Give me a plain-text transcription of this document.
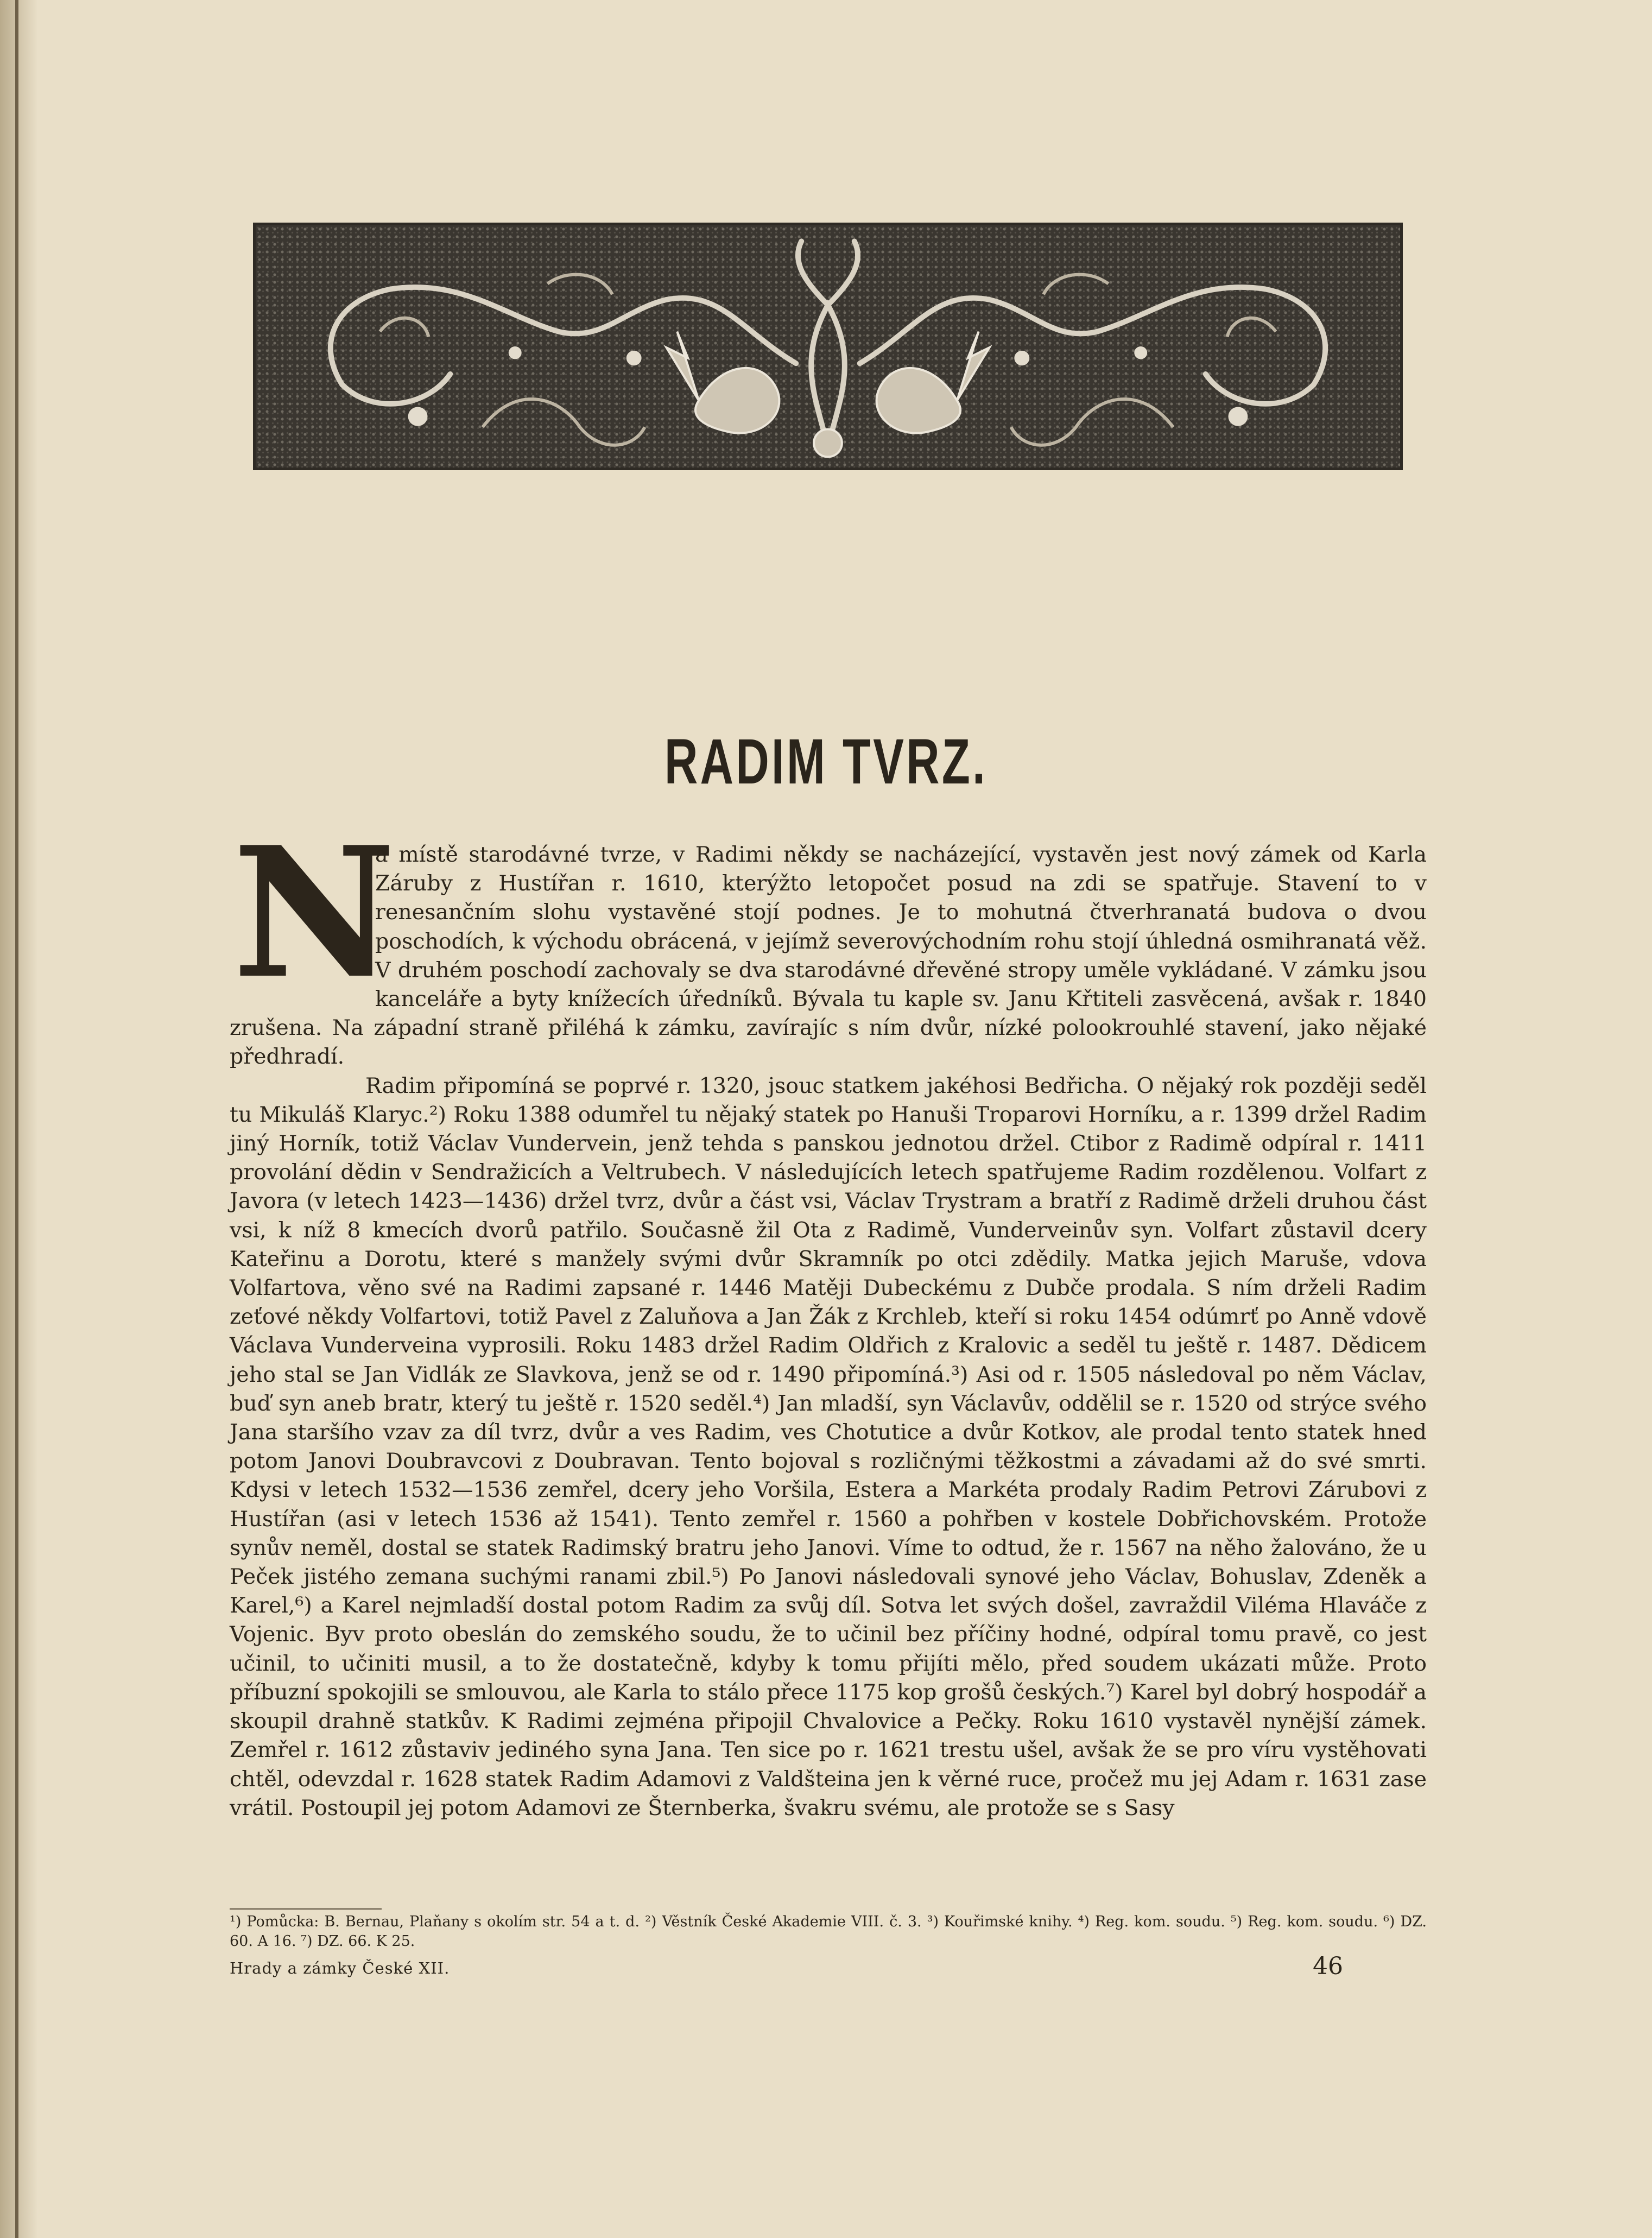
RADIM TVRZ.
N

a místě starodávné tvrze, v Radimi někdy se nacházející, vystavěn jest nový zámek od Karla Záruby z Hustířan r. 1610, kterýžto letopočet posud na zdi se spatřuje. Stavení to v renesančním slohu vystavěné stojí podnes. Je to mohutná čtverhranatá budova o dvou poschodích, k východu obrácená, v jejímž severovýchodním rohu stojí úhledná osmihranatá věž. V druhém poschodí zachovaly se dva starodávné dřevěné stropy uměle vykládané. V zámku jsou kanceláře a byty knížecích úředníků. Bývala tu kaple sv. Janu Křtiteli zasvěcená, avšak r. 1840 zrušena. Na západní straně přiléhá k zámku, zavírajíc s ním dvůr, nízké polookrouhlé stavení, jako nějaké předhradí.

Radim připomíná se poprvé r. 1320, jsouc statkem jakéhosi Bedřicha. O nějaký rok později seděl tu Mikuláš Klaryc.²) Roku 1388 odumřel tu nějaký statek po Hanuši Troparovi Horníku, a r. 1399 držel Radim jiný Horník, totiž Václav Vundervein, jenž tehda s panskou jednotou držel. Ctibor z Radimě odpíral r. 1411 provolání dědin v Sendražicích a Veltrubech. V následujících letech spatřujeme Radim rozdělenou. Volfart z Javora (v letech 1423—1436) držel tvrz, dvůr a část vsi, Václav Trystram a bratří z Radimě drželi druhou část vsi, k níž 8 kmecích dvorů patřilo. Současně žil Ota z Radimě, Vunderveinův syn. Volfart zůstavil dcery Kateřinu a Dorotu, které s manžely svými dvůr Skramník po otci zdědily. Matka jejich Maruše, vdova Volfartova, věno své na Radimi zapsané r. 1446 Matěji Dubeckému z Dubče prodala. S ním drželi Radim zeťové někdy Volfartovi, totiž Pavel z Zaluňova a Jan Žák z Krchleb, kteří si roku 1454 odúmrť po Anně vdově Václava Vunderveina vyprosili. Roku 1483 držel Radim Oldřich z Kralovic a seděl tu ještě r. 1487. Dědicem jeho stal se Jan Vidlák ze Slavkova, jenž se od r. 1490 připomíná.³) Asi od r. 1505 následoval po něm Václav, buď syn aneb bratr, který tu ještě r. 1520 seděl.⁴) Jan mladší, syn Václavův, oddělil se r. 1520 od strýce svého Jana staršího vzav za díl tvrz, dvůr a ves Radim, ves Chotutice a dvůr Kotkov, ale prodal tento statek hned potom Janovi Doubravcovi z Doubravan. Tento bojoval s rozličnými těžkostmi a závadami až do své smrti. Kdysi v letech 1532—1536 zemřel, dcery jeho Voršila, Estera a Markéta prodaly Radim Petrovi Zárubovi z Hustířan (asi v letech 1536 až 1541). Tento zemřel r. 1560 a pohřben v kostele Dobřichovském. Protože synův neměl, dostal se statek Radimský bratru jeho Janovi. Víme to odtud, že r. 1567 na něho žalováno, že u Peček jistého zemana suchými ranami zbil.⁵) Po Janovi následovali synové jeho Václav, Bohuslav, Zdeněk a Karel,⁶) a Karel nejmladší dostal potom Radim za svůj díl. Sotva let svých došel, zavraždil Viléma Hlaváče z Vojenic. Byv proto obeslán do zemského soudu, že to učinil bez příčiny hodné, odpíral tomu pravě, co jest učinil, to učiniti musil, a to že dostatečně, kdyby k tomu přijíti mělo, před soudem ukázati může. Proto příbuzní spokojili se smlouvou, ale Karla to stálo přece 1175 kop grošů českých.⁷) Karel byl dobrý hospodář a skoupil drahně statkův. K Radimi zejména připojil Chvalovice a Pečky. Roku 1610 vystavěl nynější zámek. Zemřel r. 1612 zůstaviv jediného syna Jana. Ten sice po r. 1621 trestu ušel, avšak že se pro víru vystěhovati chtěl, odevzdal r. 1628 statek Radim Adamovi z Valdšteina jen k věrné ruce, pročež mu jej Adam r. 1631 zase vrátil. Postoupil jej potom Adamovi ze Šternberka, švakru svému, ale protože se s Sasy

¹) Pomůcka: B. Bernau, Plaňany s okolím str. 54 a t. d. ²) Věstník České Akademie VIII. č. 3. ³) Kouřimské knihy. ⁴) Reg. kom. soudu. ⁵) Reg. kom. soudu. ⁶) DZ. 60. A 16. ⁷) DZ. 66. K 25.

Hrady a zámky České XII.	46
